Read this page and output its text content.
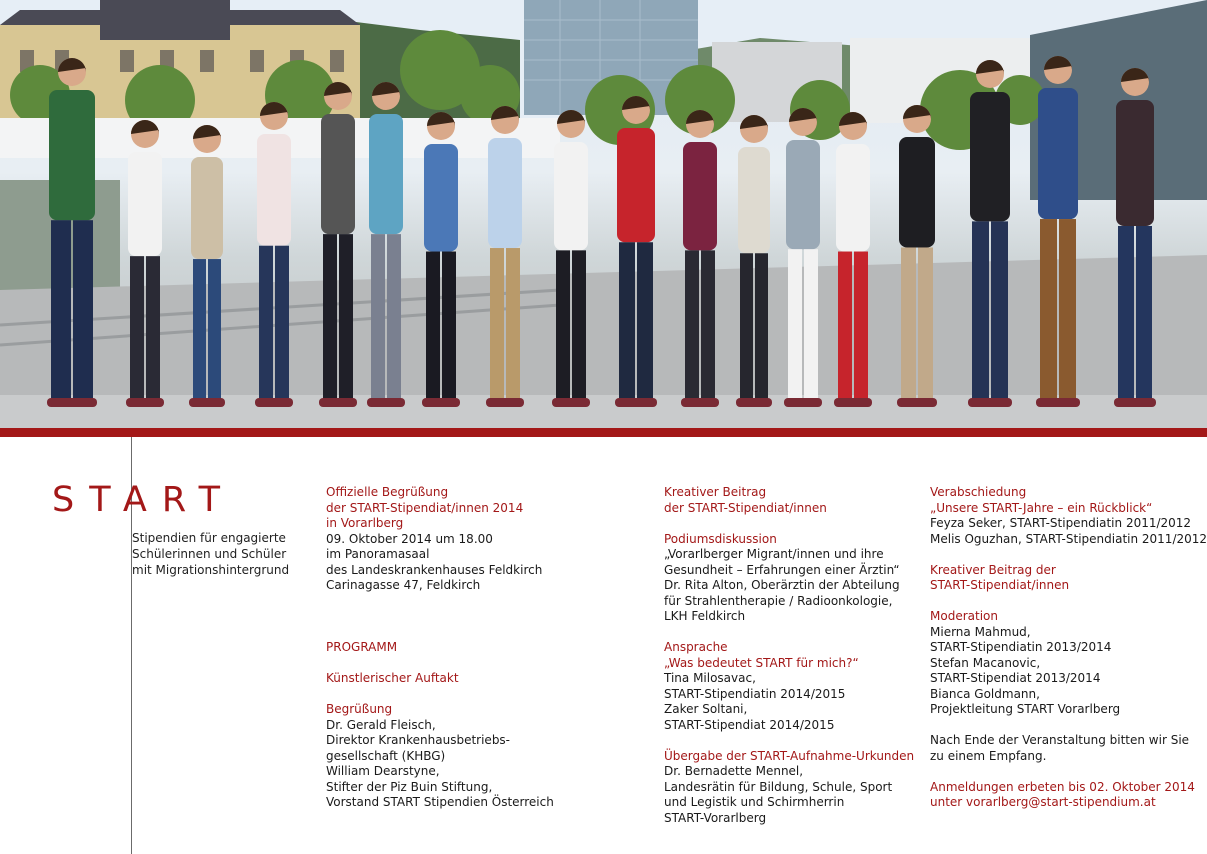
START
Stipendien für engagierte
Schülerinnen und Schüler
mit Migrationshintergrund
Offizielle Begrüßung
der START-Stipendiat/innen 2014
in Vorarlberg
09. Oktober 2014 um 18.00
im Panoramasaal
des Landeskrankenhauses Feldkirch
Carinagasse 47, Feldkirch
PROGRAMM
Künstlerischer Auftakt
Begrüßung
Dr. Gerald Fleisch,
Direktor Krankenhausbetriebs-
gesellschaft (KHBG)
William Dearstyne,
Stifter der Piz Buin Stiftung,
Vorstand START Stipendien Österreich
Kreativer Beitrag
der START-Stipendiat/innen
Podiumsdiskussion
„Vorarlberger Migrant/innen und ihre
Gesundheit – Erfahrungen einer Ärztin“
Dr. Rita Alton, Oberärztin der Abteilung
für Strahlentherapie / Radioonkologie,
LKH Feldkirch
Ansprache
„Was bedeutet START für mich?“
Tina Milosavac,
START-Stipendiatin 2014/2015
Zaker Soltani,
START-Stipendiat 2014/2015
Übergabe der START-Aufnahme-Urkunden
Dr. Bernadette Mennel,
Landesrätin für Bildung, Schule, Sport
und Legistik und Schirmherrin
START-Vorarlberg
Verabschiedung
„Unsere START-Jahre – ein Rückblick“
Feyza Seker, START-Stipendiatin 2011/2012
Melis Oguzhan, START-Stipendiatin 2011/2012
Kreativer Beitrag der
START-Stipendiat/innen
Moderation
Mierna Mahmud,
START-Stipendiatin 2013/2014
Stefan Macanovic,
START-Stipendiat 2013/2014
Bianca Goldmann,
Projektleitung START Vorarlberg
Nach Ende der Veranstaltung bitten wir Sie
zu einem Empfang.
Anmeldungen erbeten bis 02. Oktober 2014
unter vorarlberg@start-stipendium.at
